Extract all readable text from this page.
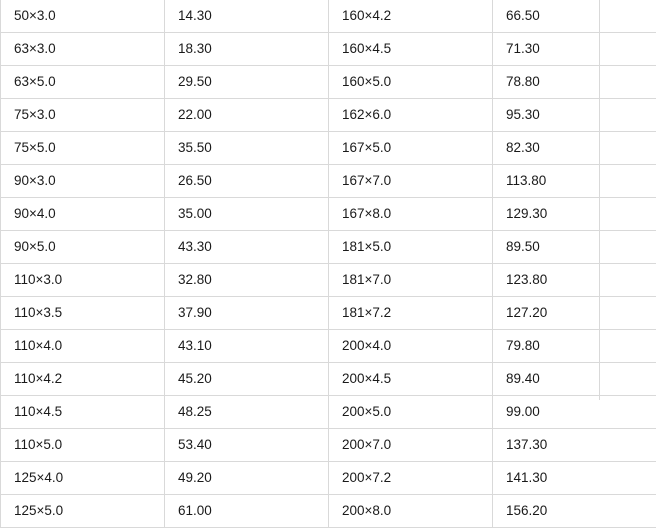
50×3.0	14.30	160×4.2	66.50
63×3.0	18.30	160×4.5	71.30
63×5.0	29.50	160×5.0	78.80
75×3.0	22.00	162×6.0	95.30
75×5.0	35.50	167×5.0	82.30
90×3.0	26.50	167×7.0	113.80
90×4.0	35.00	167×8.0	129.30
90×5.0	43.30	181×5.0	89.50
110×3.0	32.80	181×7.0	123.80
110×3.5	37.90	181×7.2	127.20
110×4.0	43.10	200×4.0	79.80
110×4.2	45.20	200×4.5	89.40
110×4.5	48.25	200×5.0	99.00
110×5.0	53.40	200×7.0	137.30
125×4.0	49.20	200×7.2	141.30
125×5.0	61.00	200×8.0	156.20
